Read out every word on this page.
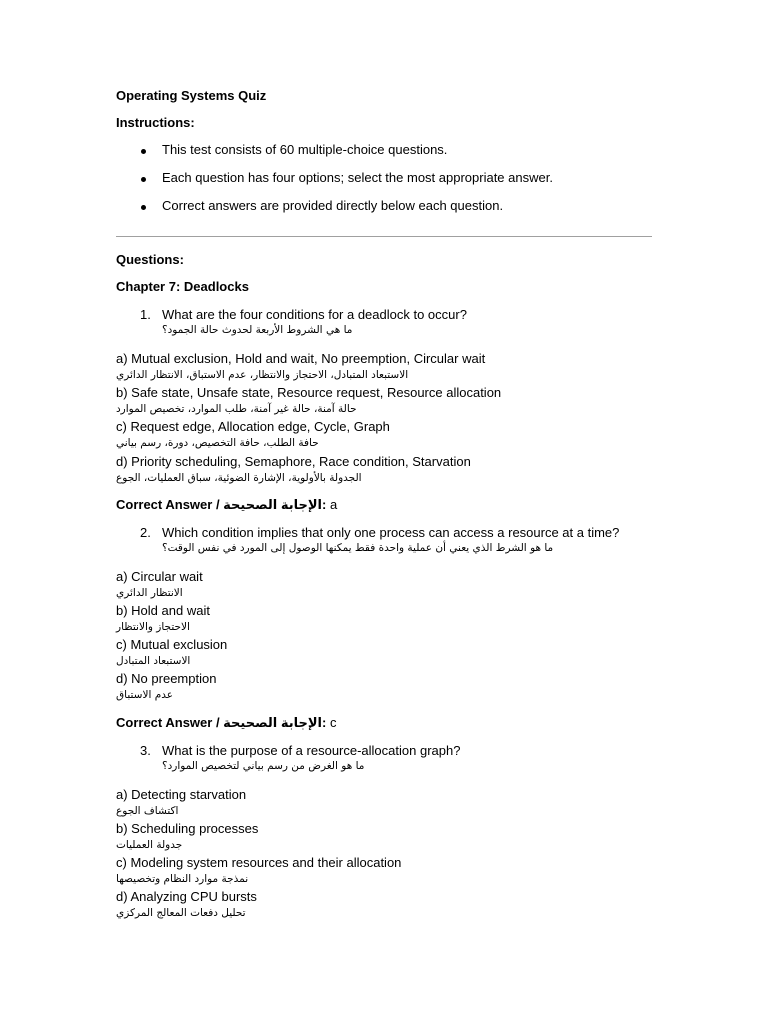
Operating Systems Quiz
Instructions:
This test consists of 60 multiple-choice questions.
Each question has four options; select the most appropriate answer.
Correct answers are provided directly below each question.
Questions:
Chapter 7: Deadlocks
1. What are the four conditions for a deadlock to occur?
ما هي الشروط الأربعة لحدوث حالة الجمود؟
a) Mutual exclusion, Hold and wait, No preemption, Circular wait
الاستبعاد المتبادل، الاحتجاز والانتظار، عدم الاستباق، الانتظار الدائري
b) Safe state, Unsafe state, Resource request, Resource allocation
حالة آمنة، حالة غير آمنة، طلب الموارد، تخصيص الموارد
c) Request edge, Allocation edge, Cycle, Graph
حافة الطلب، حافة التخصيص، دورة، رسم بياني
d) Priority scheduling, Semaphore, Race condition, Starvation
الجدولة بالأولوية، الإشارة الضوئية، سباق العمليات، الجوع
Correct Answer / الإجابة الصحيحة: a
2. Which condition implies that only one process can access a resource at a time?
ما هو الشرط الذي يعني أن عملية واحدة فقط يمكنها الوصول إلى المورد في نفس الوقت؟
a) Circular wait
الانتظار الدائري
b) Hold and wait
الاحتجاز والانتظار
c) Mutual exclusion
الاستبعاد المتبادل
d) No preemption
عدم الاستباق
Correct Answer / الإجابة الصحيحة: c
3. What is the purpose of a resource-allocation graph?
ما هو الغرض من رسم بياني لتخصيص الموارد؟
a) Detecting starvation
اكتشاف الجوع
b) Scheduling processes
جدولة العمليات
c) Modeling system resources and their allocation
نمذجة موارد النظام وتخصيصها
d) Analyzing CPU bursts
تحليل دفعات المعالج المركزي
